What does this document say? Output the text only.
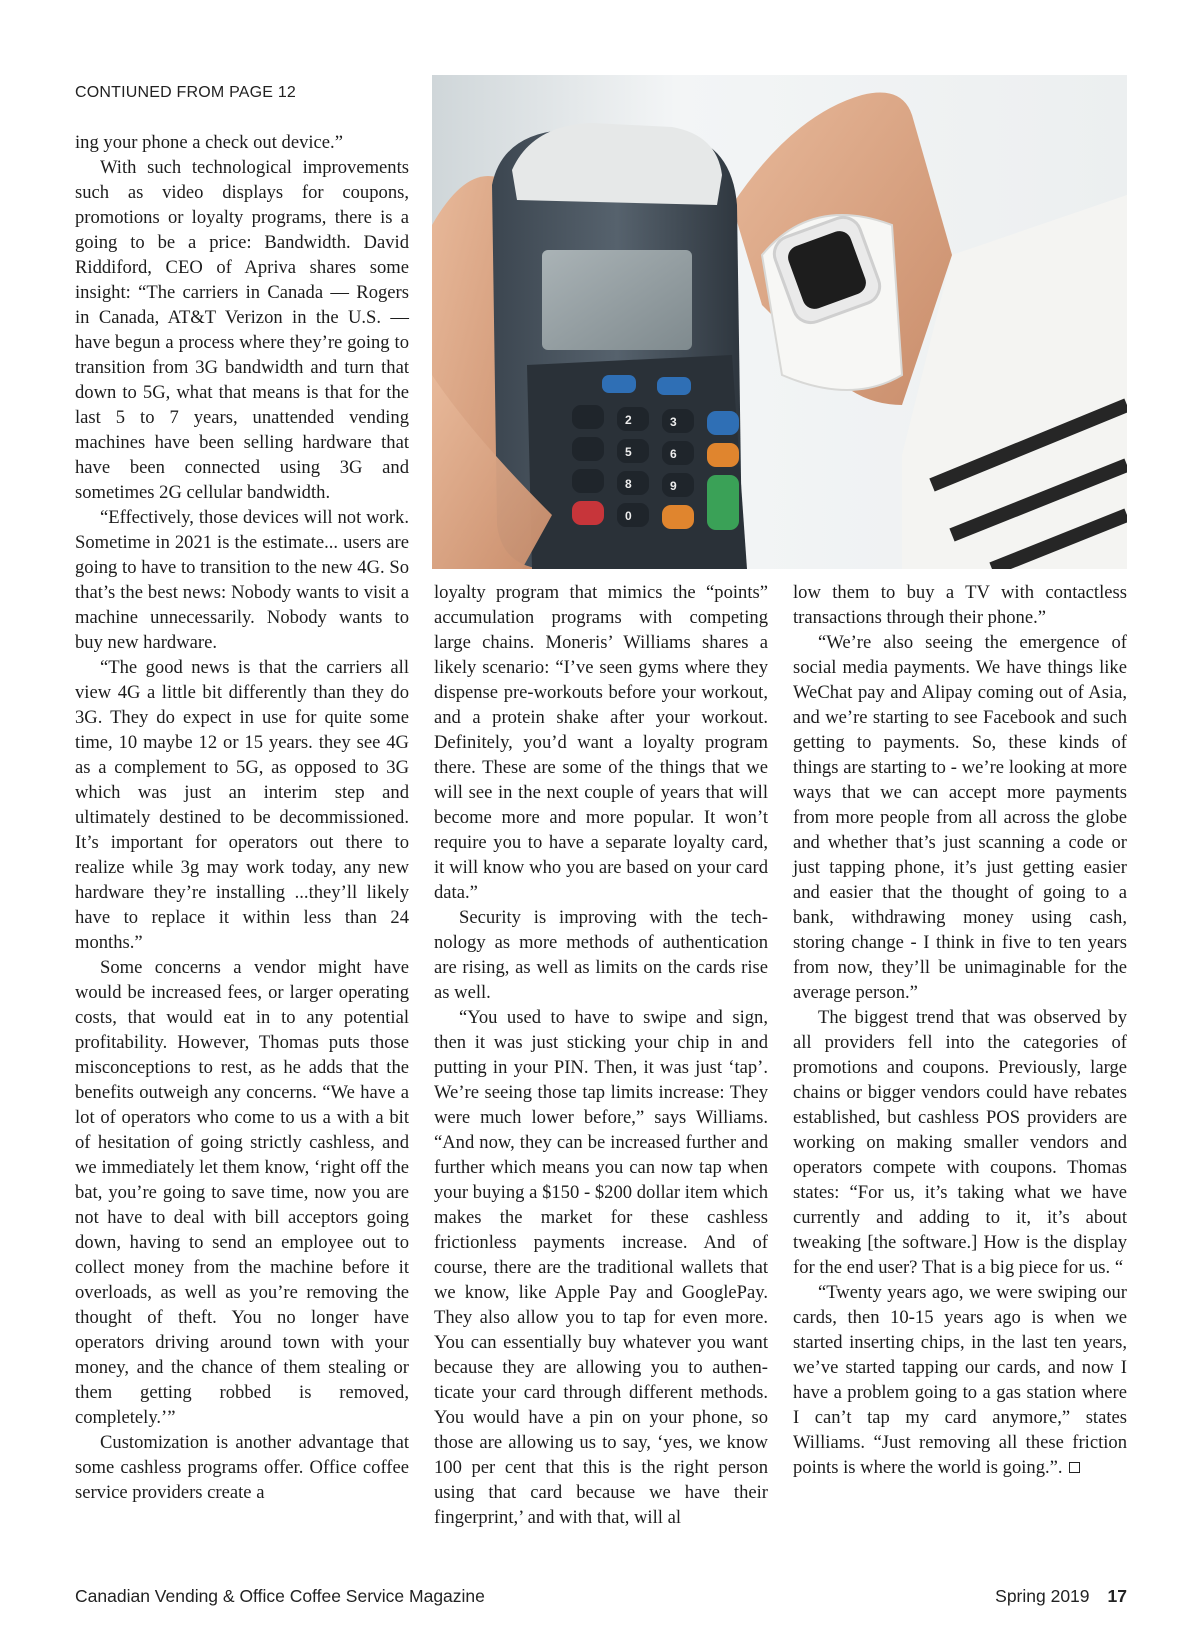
CONTIUNED FROM PAGE 12

ing your phone a check out device.”

With such technological improvements such as video displays for coupons, promotions or loyalty programs, there is a going to be a price: Bandwidth. David Riddiford, CEO of Apriva shares some insight: “The carriers in Canada — Rogers in Canada, AT&T Verizon in the U.S. — have begun a process where they’re going to transition from 3G bandwidth and turn that down to 5G, what that means is that for the last 5 to 7 years, unattended vending machines have been selling hardware that have been connected using 3G and sometimes 2G cellular bandwidth.

“Effectively, those devices will not work. Sometime in 2021 is the estimate... users are going to have to transition to the new 4G. So that’s the best news: Nobody wants to visit a machine unnecessarily. Nobody wants to buy new hardware.

“The good news is that the carriers all view 4G a little bit differently than they do 3G. They do expect in use for quite some time, 10 maybe 12 or 15 years. they see 4G as a complement to 5G, as opposed to 3G which was just an interim step and ultimately destined to be decommissioned. It’s important for operators out there to realize while 3g may work today, any new hardware they’re installing ...they’ll likely have to replace it within less than 24 months.”

Some concerns a vendor might have would be increased fees, or larger operating costs, that would eat in to any potential profitability. However, Thomas puts those misconceptions to rest, as he adds that the benefits outweigh any concerns. “We have a lot of operators who come to us a with a bit of hesitation of going strictly cashless, and we immediately let them know, ‘right off the bat, you’re going to save time, now you are not have to deal with bill acceptors going down, having to send an employee out to collect money from the machine before it overloads, as well as you’re removing the thought of theft. You no longer have operators driving around town with your money, and the chance of them stealing or them getting robbed is removed, completely.’”

Customization is another advantage that some cashless programs offer. Office coffee service providers create a

2	3
5	6
8	9
0

loyalty program that mimics the “points” accumulation programs with competing large chains. Moneris’ Williams shares a likely scenario: “I’ve seen gyms where they dispense pre-workouts before your workout, and a protein shake after your workout. Definitely, you’d want a loyalty program there. These are some of the things that we will see in the next couple of years that will become more and more popular. It won’t require you to have a separate loyalty card, it will know who you are based on your card data.”

Security is improving with the technology as more methods of authentication are rising, as well as limits on the cards rise as well.

“You used to have to swipe and sign, then it was just sticking your chip in and putting in your PIN. Then, it was just ‘tap’. We’re seeing those tap limits increase: They were much lower before,” says Williams. “And now, they can be increased further and further which means you can now tap when your buying a $150 - $200 dollar item which makes the market for these cashless frictionless payments increase. And of course, there are the traditional wallets that we know, like Apple Pay and GooglePay. They also allow you to tap for even more. You can essentially buy whatever you want because they are allowing you to authenticate your card through different methods. You would have a pin on your phone, so those are allowing us to say, ‘yes, we know 100 per cent that this is the right person using that card because we have their fingerprint,’ and with that, will al

low them to buy a TV with contactless transactions through their phone.”

“We’re also seeing the emergence of social media payments. We have things like WeChat pay and Alipay coming out of Asia, and we’re starting to see Facebook and such getting to payments. So, these kinds of things are starting to - we’re looking at more ways that we can accept more payments from more people from all across the globe and whether that’s just scanning a code or just tapping phone, it’s just getting easier and easier that the thought of going to a bank, withdrawing money using cash, storing change - I think in five to ten years from now, they’ll be unimaginable for the average person.”

The biggest trend that was observed by all providers fell into the categories of promotions and coupons. Previously, large chains or bigger vendors could have rebates established, but cashless POS providers are working on making smaller vendors and operators compete with coupons. Thomas states: “For us, it’s taking what we have currently and adding to it, it’s about tweaking [the software.] How is the display for the end user? That is a big piece for us. “

“Twenty years ago, we were swiping our cards, then 10-15 years ago is when we started inserting chips, in the last ten years, we’ve started tapping our cards, and now I have a problem going to a gas station where I can’t tap my card anymore,” states Williams. “Just removing all these friction points is where the world is going.”.

Canadian Vending & Office Coffee Service Magazine	Spring 2019 17
